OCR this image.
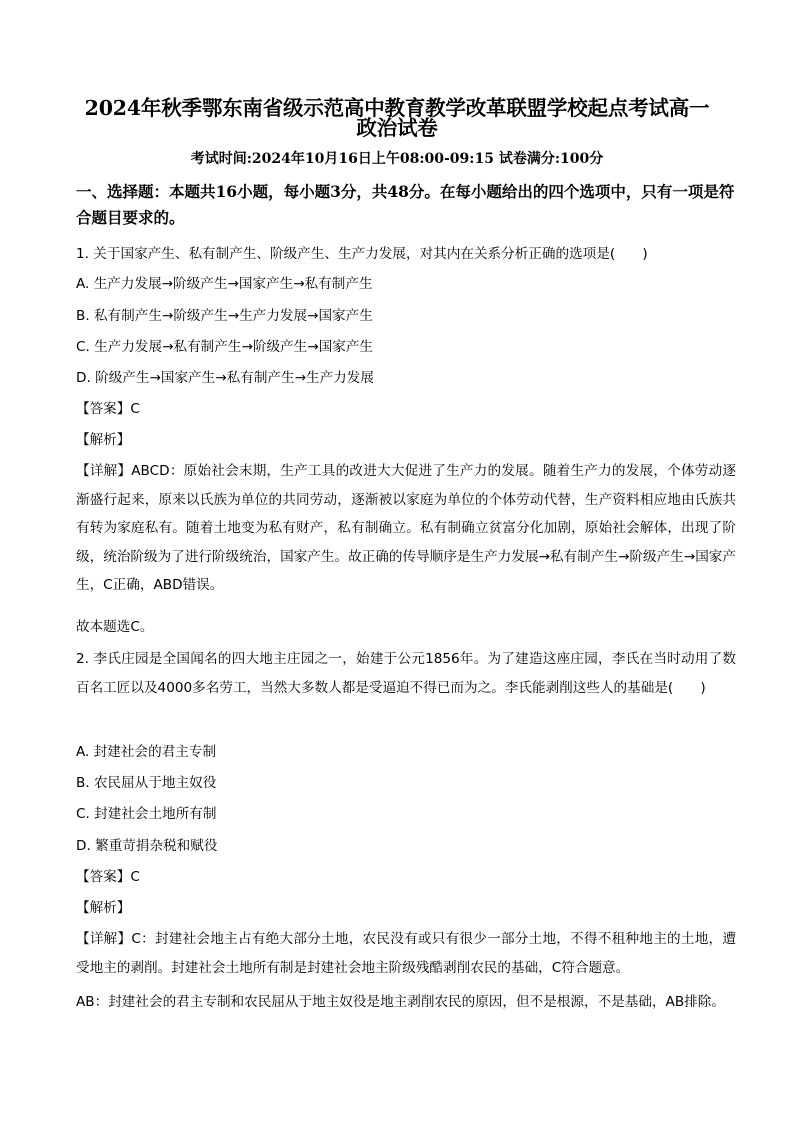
2024年秋季鄂东南省级示范高中教育教学改革联盟学校起点考试高一
政治试卷
考试时间:2024年10月16日上午08:00-09:15 试卷满分:100分
一、选择题：本题共16小题，每小题3分，共48分。在每小题给出的四个选项中，只有一项是符合题目要求的。
1. 关于国家产生、私有制产生、阶级产生、生产力发展，对其内在关系分析正确的选项是(　　)
A. 生产力发展→阶级产生→国家产生→私有制产生
B. 私有制产生→阶级产生→生产力发展→国家产生
C. 生产力发展→私有制产生→阶级产生→国家产生
D. 阶级产生→国家产生→私有制产生→生产力发展
【答案】C
【解析】
【详解】ABCD：原始社会末期，生产工具的改进大大促进了生产力的发展。随着生产力的发展，个体劳动逐渐盛行起来，原来以氏族为单位的共同劳动，逐渐被以家庭为单位的个体劳动代替，生产资料相应地由氏族共有转为家庭私有。随着土地变为私有财产，私有制确立。私有制确立贫富分化加剧，原始社会解体，出现了阶级，统治阶级为了进行阶级统治，国家产生。故正确的传导顺序是生产力发展→私有制产生→阶级产生→国家产生，C正确，ABD错误。
故本题选C。
2. 李氏庄园是全国闻名的四大地主庄园之一，始建于公元1856年。为了建造这座庄园，李氏在当时动用了数百名工匠以及4000多名劳工，当然大多数人都是受逼迫不得已而为之。李氏能剥削这些人的基础是(　　)
A. 封建社会的君主专制
B. 农民屈从于地主奴役
C. 封建社会土地所有制
D. 繁重苛捐杂税和赋役
【答案】C
【解析】
【详解】C：封建社会地主占有绝大部分土地，农民没有或只有很少一部分土地，不得不租种地主的土地，遭受地主的剥削。封建社会土地所有制是封建社会地主阶级残酷剥削农民的基础，C符合题意。
AB：封建社会的君主专制和农民屈从于地主奴役是地主剥削农民的原因，但不是根源，不是基础，AB排除。
